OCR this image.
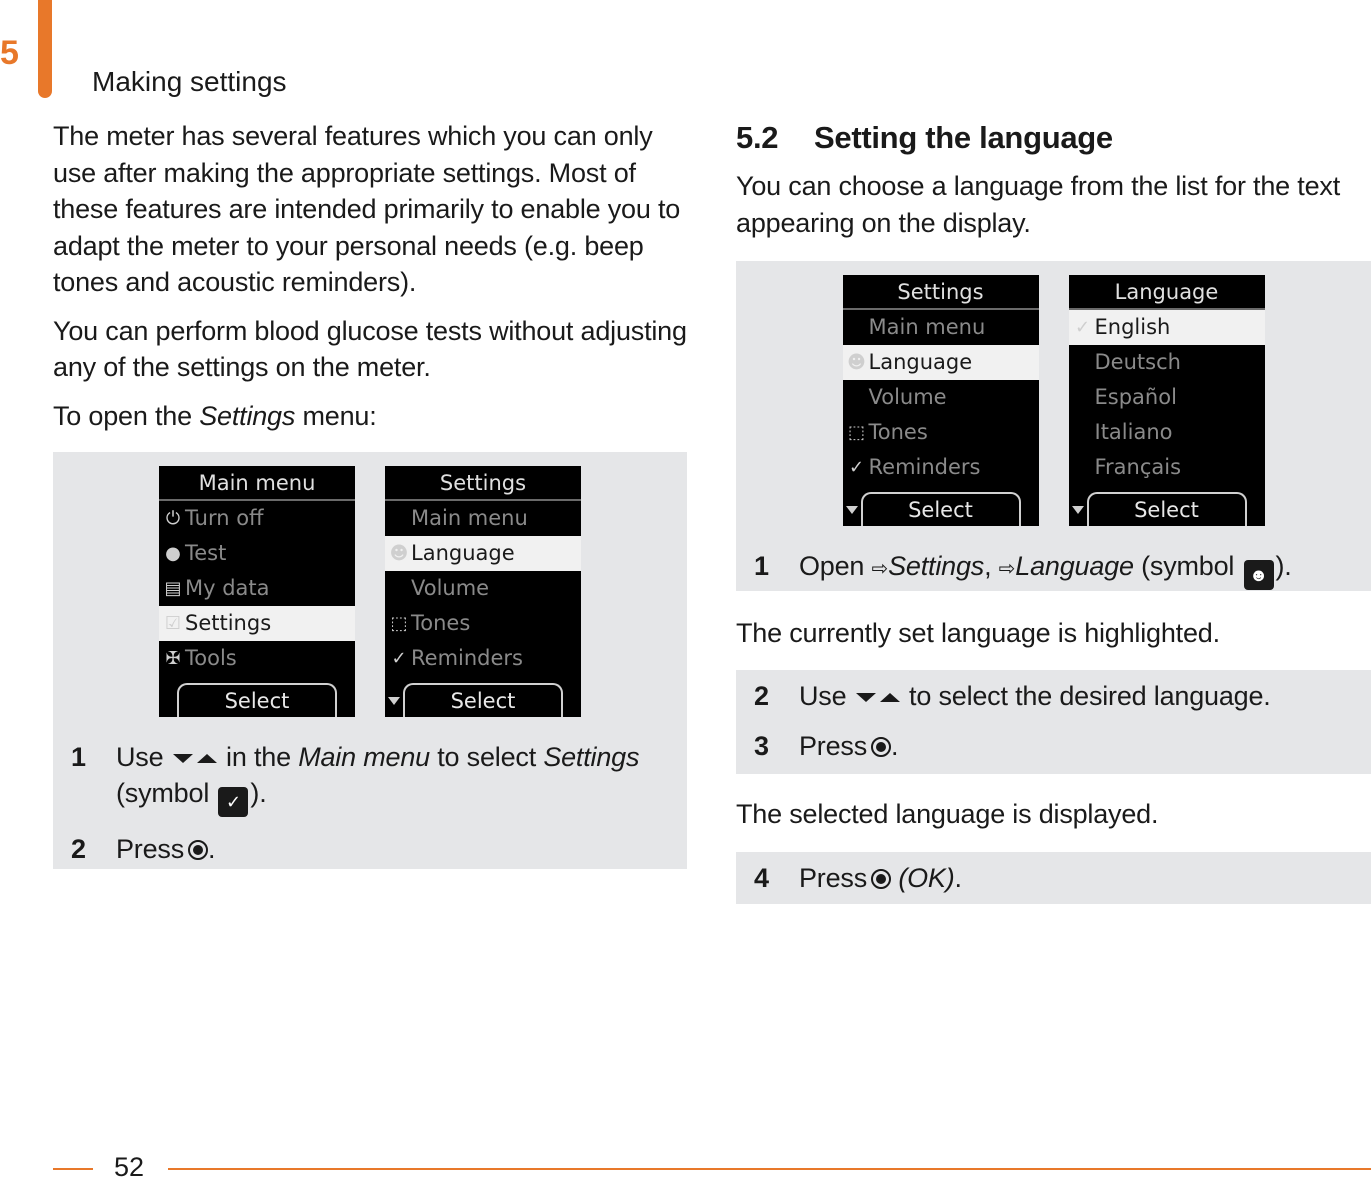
5
Making settings

The meter has several features which you can only use after making the appropriate settings. Most of these features are intended primarily to enable you to adapt the meter to your personal needs (e.g. beep tones and acoustic reminders).

You can perform blood glucose tests without adjusting any of the settings on the meter.

To open the Settings menu:

Main menu
⏻ Turn off
● Test
▤ My data
☑ Settings
✠ Tools
Select
Settings
Main menu
☻ Language
Volume
⬚ Tones
✓ Reminders
Select
1	Use  in the Main menu to select Settings
(symbol ✓ ).
2	Press .
5.2 Setting the language

You can choose a language from the list for the text appearing on the display.

Settings
Main menu
☻ Language
Volume
⬚ Tones
✓ Reminders
Select
Language
✓ English
Deutsch
Español
Italiano
Français
Select
1	Open ⇨Settings, ⇨Language (symbol ☻ ).

The currently set language is highlighted.

2	Use  to select the desired language.
3	Press .

The selected language is displayed.

4	Press (OK).
52
